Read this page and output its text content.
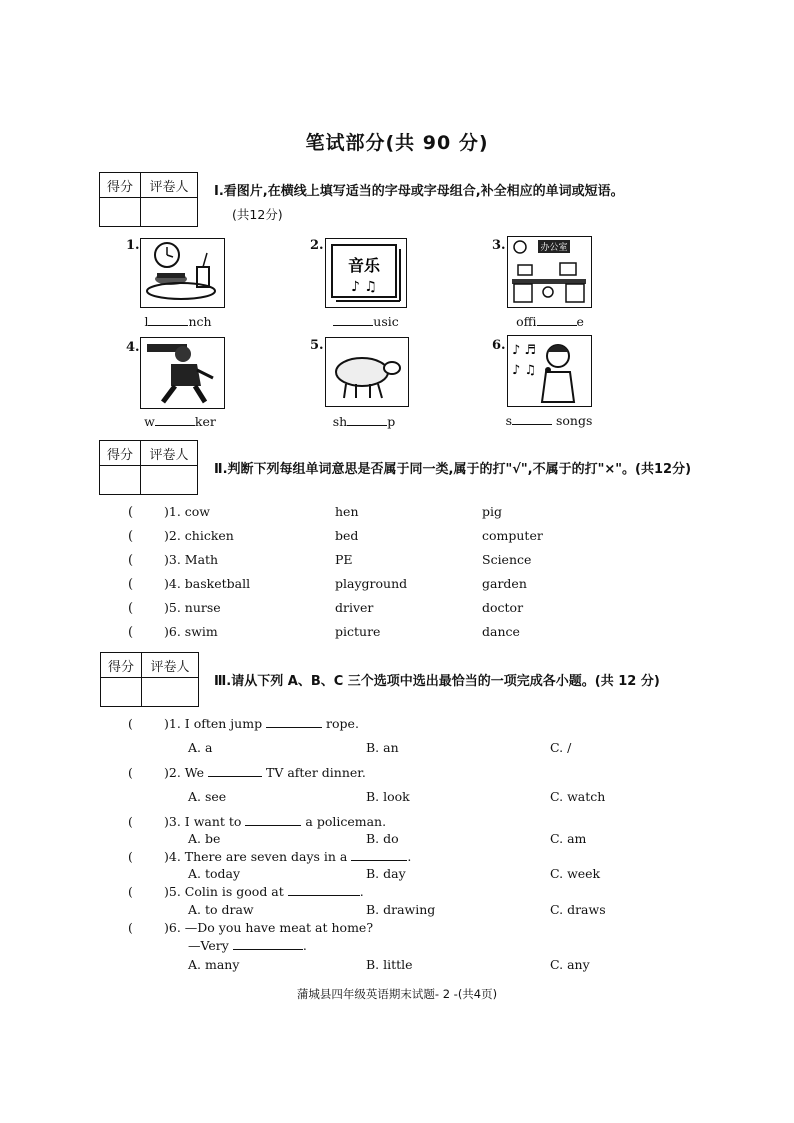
笔试部分(共 90 分)
得分	评卷人
	Ⅰ.看图片,在横线上填写适当的字母或字母组合,补全相应的单词或短语。
(共12分)
1.
l	nch
2.
音乐
♪ ♫
usic
3.	办公室
offi	e
4.
w	ker
5.
sh	p
6. ♪ ♬
♪ ♫
s	songs
得分	评卷人

Ⅱ.判断下列每组单词意思是否属于同一类,属于的打"√",不属于的打"×"。(共12分)
( )1. cow	hen	pig
( )2. chicken	bed	computer
( )3. Math	PE	Science
( )4. basketball	playground	garden
( )5. nurse	driver	doctor
( )6. swim	picture	dance
得分	评卷人

Ⅲ.请从下列 A、B、C 三个选项中选出最恰当的一项完成各小题。(共 12 分)
( )1. I often jump	rope.
A. a	B. an	C. /
( )2. We	TV after dinner.
A. see	B. look	C. watch
( )3. I want to	a policeman.
A. be	B. do	C. am
( )4. There are seven days in a	.
A. today	B. day	C. week
( )5. Colin is good at	.
A. to draw	B. drawing	C. draws
( )6. —Do you have meat at home?
—Very	.
A. many	B. little	C. any
蒲城县四年级英语期末试题- 2 -(共4页)
